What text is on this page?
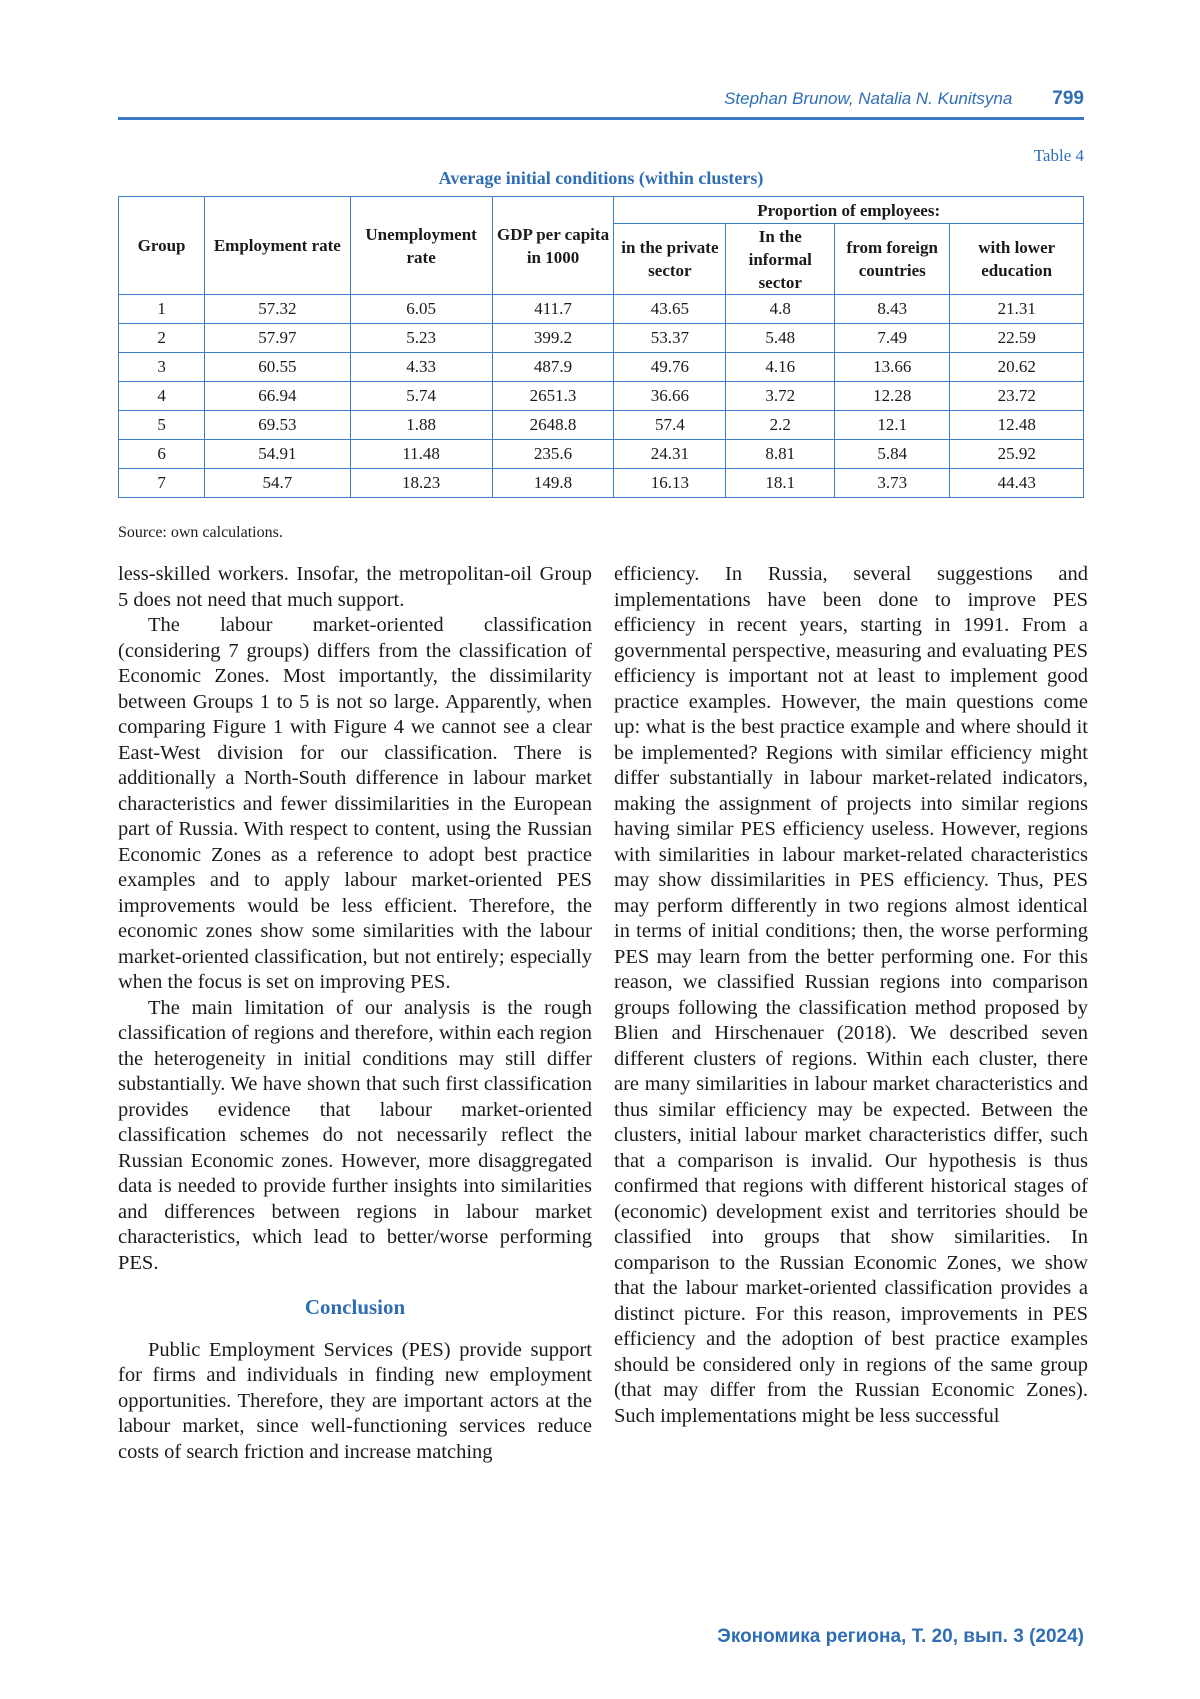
Stephan Brunow, Natalia N. Kunitsyna 799
Table 4
Average initial conditions (within clusters)
Group	Employment rate	Unemployment rate	GDP per capita in 1000	Proportion of employees:			
				in the private sector	In the informal sector	from foreign countries	with lower education
1	57.32	6.05	411.7	43.65	4.8	8.43	21.31
2	57.97	5.23	399.2	53.37	5.48	7.49	22.59
3	60.55	4.33	487.9	49.76	4.16	13.66	20.62
4	66.94	5.74	2651.3	36.66	3.72	12.28	23.72
5	69.53	1.88	2648.8	57.4	2.2	12.1	12.48
6	54.91	11.48	235.6	24.31	8.81	5.84	25.92
7	54.7	18.23	149.8	16.13	18.1	3.73	44.43
Source: own calculations.

less-skilled workers. Insofar, the metropolitan-oil Group 5 does not need that much support.

The labour market-oriented classification (considering 7 groups) differs from the classification of Economic Zones. Most importantly, the dissimilarity between Groups 1 to 5 is not so large. Apparently, when comparing Figure 1 with Figure 4 we cannot see a clear East-West division for our classification. There is additionally a North-South difference in labour market characteristics and fewer dissimilarities in the European part of Russia. With respect to content, using the Russian Economic Zones as a reference to adopt best practice examples and to apply labour market-oriented PES improvements would be less efficient. Therefore, the economic zones show some similarities with the labour market-oriented classification, but not entirely; especially when the focus is set on improving PES.

The main limitation of our analysis is the rough classification of regions and therefore, within each region the heterogeneity in initial conditions may still differ substantially. We have shown that such first classification provides evidence that labour market-oriented classification schemes do not necessarily reflect the Russian Economic zones. However, more disaggregated data is needed to provide further insights into similarities and differences between regions in labour market characteristics, which lead to better/worse performing PES.

Conclusion

Public Employment Services (PES) provide support for firms and individuals in finding new employment opportunities. Therefore, they are important actors at the labour market, since well-functioning services reduce costs of search friction and increase matching

efficiency. In Russia, several suggestions and implementations have been done to improve PES efficiency in recent years, starting in 1991. From a governmental perspective, measuring and evaluating PES efficiency is important not at least to implement good practice examples. However, the main questions come up: what is the best practice example and where should it be implemented? Regions with similar efficiency might differ substantially in labour market-related indicators, making the assignment of projects into similar regions having similar PES efficiency useless. However, regions with similarities in labour market-related characteristics may show dissimilarities in PES efficiency. Thus, PES may perform differently in two regions almost identical in terms of initial conditions; then, the worse performing PES may learn from the better performing one. For this reason, we classified Russian regions into comparison groups following the classification method proposed by Blien and Hirschenauer (2018). We described seven different clusters of regions. Within each cluster, there are many similarities in labour market characteristics and thus similar efficiency may be expected. Between the clusters, initial labour market characteristics differ, such that a comparison is invalid. Our hypothesis is thus confirmed that regions with different historical stages of (economic) development exist and territories should be classified into groups that show similarities. In comparison to the Russian Economic Zones, we show that the labour market-oriented classification provides a distinct picture. For this reason, improvements in PES efficiency and the adoption of best practice examples should be considered only in regions of the same group (that may differ from the Russian Economic Zones). Such implementations might be less successful

Экономика региона, Т. 20, вып. 3 (2024)
